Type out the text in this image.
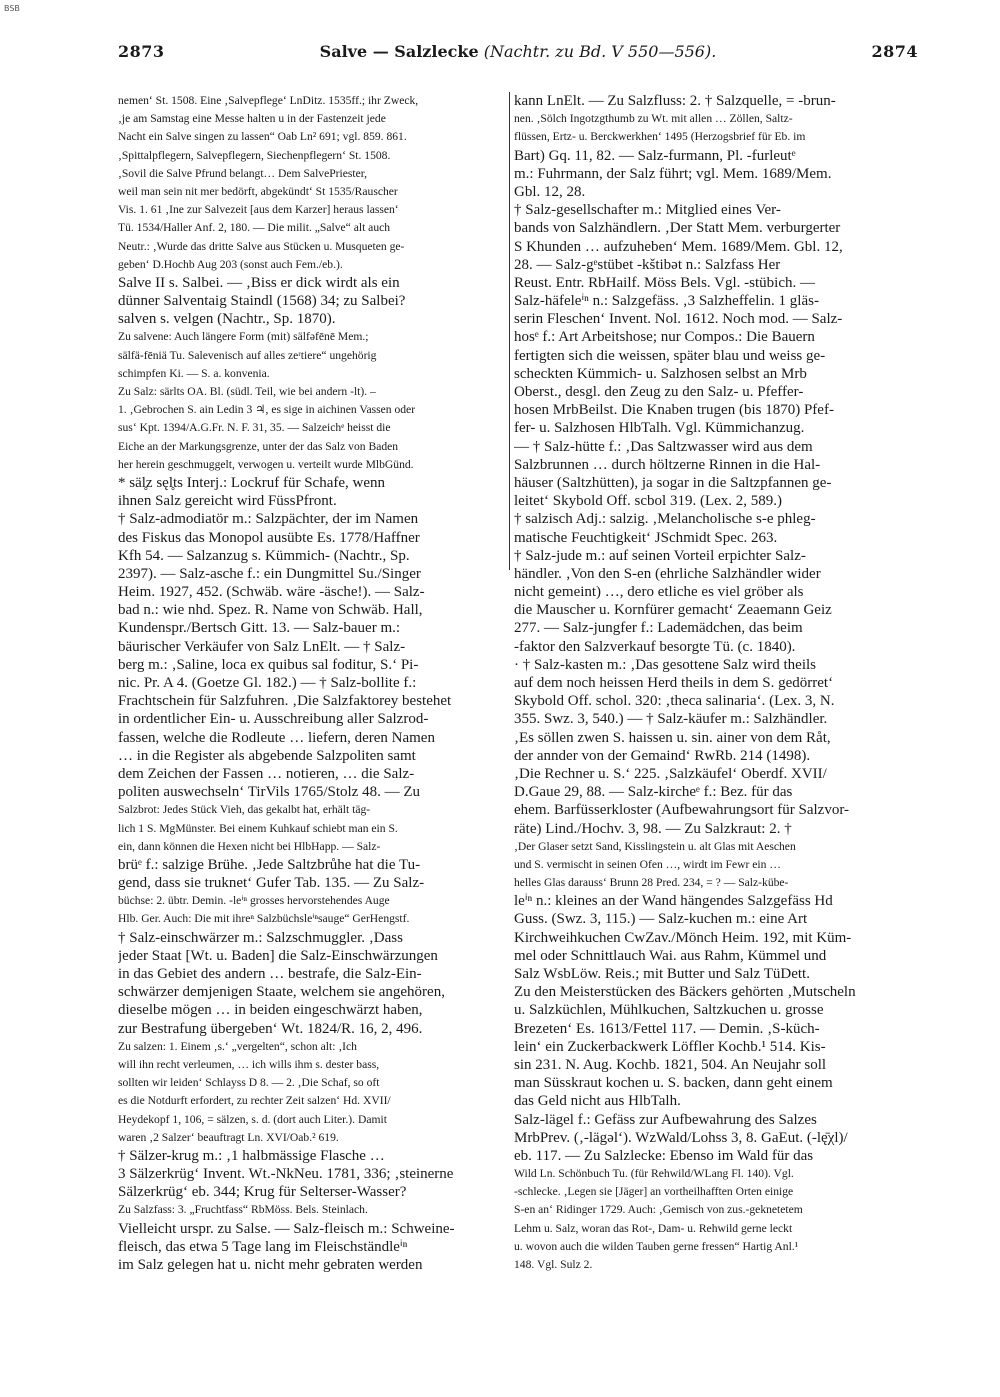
BSB
2873	Salve — Salzlecke (Nachtr. zu Bd. V 550—556).	2874
nemen‘ St. 1508. Eine ‚Salvepflege‘ LnDitz. 1535ff.; ihr Zweck,
‚je am Samstag eine Messe halten u in der Fastenzeit jede
Nacht ein Salve singen zu lassen“ Oab Ln² 691; vgl. 859. 861.
‚Spittalpflegern, Salvepflegern, Siechenpflegern‘ St. 1508.
‚Sovil die Salve Pfrund belangt… Dem SalvePriester,
weil man sein nit mer bedörft, abgekündt‘ St 1535/Rauscher
Vis. 1. 61 ‚Ine zur Salvezeit [aus dem Karzer] heraus lassen‘
Tü. 1534/Haller Anf. 2, 180. — Die milit. „Salve“ alt auch
Neutr.: ‚Wurde das dritte Salve aus Stücken u. Musqueten ge-
geben‘ D.Hochb Aug 203 (sonst auch Fem./eb.).
Salve II s. Salbei. — ‚Biss er dick wirdt als ein
dünner Salventaig Staindl (1568) 34; zu Salbei?
salven s. velgen (Nachtr., Sp. 1870).
Zu salvene: Auch längere Form (mit) sälfəfēnē Mem.;
sälfä-fēniä Tu. Salevenisch auf alles zeʳtiere“ ungehörig
schimpfen Ki. — S. a. konvenia.
Zu Salz: särlts OA. Bl. (südl. Teil, wie bei andern -lt). –
1. ‚Gebrochen S. ain Ledin 3 ♃, es sige in aichinen Vassen oder
sus‘ Kpt. 1394/A.G.Fr. N. F. 31, 35. — Salzeichᵉ heisst die
Eiche an der Markungsgrenze, unter der das Salz von Baden
her herein geschmuggelt, verwogen u. verteilt wurde MlbGünd.
* säl̥z sęl̥ts Interj.: Lockruf für Schafe, wenn
ihnen Salz gereicht wird FüssPfront.
† Salz-admodiatör m.: Salzpächter, der im Namen
des Fiskus das Monopol ausübte Es. 1778/Haffner
Kfh 54. — Salzanzug s. Kümmich- (Nachtr., Sp.
2397). — Salz-asche f.: ein Dungmittel Su./Singer
Heim. 1927, 452. (Schwäb. wäre -äsche!). — Salz-
bad n.: wie nhd. Spez. R. Name von Schwäb. Hall,
Kundenspr./Bertsch Gitt. 13. — Salz-bauer m.:
bäurischer Verkäufer von Salz LnElt. — † Salz-
berg m.: ‚Saline, loca ex quibus sal foditur, S.‘ Pi-
nic. Pr. A 4. (Goetze Gl. 182.) — † Salz-bollite f.:
Frachtschein für Salzfuhren. ‚Die Salzfaktorey bestehet
in ordentlicher Ein- u. Ausschreibung aller Salzrod-
fassen, welche die Rodleute … liefern, deren Namen
… in die Register als abgebende Salzpoliten samt
dem Zeichen der Fassen … notieren, … die Salz-
politen auswechseln‘ TirVils 1765/Stolz 48. — Zu
Salzbrot: Jedes Stück Vieh, das gekalbt hat, erhält täg-
lich 1 S. MgMünster. Bei einem Kuhkauf schiebt man ein S.
ein, dann können die Hexen nicht bei HlbHapp. — Salz-
brüᵉ f.: salzige Brühe. ‚Jede Saltzbrůhe hat die Tu-
gend, dass sie truknet‘ Gufer Tab. 135. — Zu Salz-
büchse: 2. übtr. Demin. -leⁱⁿ grosses hervorstehendes Auge
Hlb. Ger. Auch: Die mit ihreⁿ Salzbüchsleⁱⁿsauge“ GerHengstf.
† Salz-einschwärzer m.: Salzschmuggler. ‚Dass
jeder Staat [Wt. u. Baden] die Salz-Einschwärzungen
in das Gebiet des andern … bestrafe, die Salz-Ein-
schwärzer demjenigen Staate, welchem sie angehören,
dieselbe mögen … in beiden eingeschwärzt haben,
zur Bestrafung übergeben‘ Wt. 1824/R. 16, 2, 496.
Zu salzen: 1. Einem ‚s.‘ „vergelten“, schon alt: ‚Ich
will ihn recht verleumen, … ich wills ihm s. dester bass,
sollten wir leiden‘ Schlayss D 8. — 2. ‚Die Schaf, so oft
es die Notdurft erfordert, zu rechter Zeit salzen‘ Hd. XVII/
Heydekopf 1, 106, = sälzen, s. d. (dort auch Liter.). Damit
waren ‚2 Salzer‘ beauftragt Ln. XVI/Oab.² 619.
† Sälzer-krug m.: ‚1 halbmässige Flasche …
3 Sälzerkrüg‘ Invent. Wt.-NkNeu. 1781, 336; ‚steinerne
Sälzerkrüg‘ eb. 344; Krug für Selterser-Wasser?
Zu Salzfass: 3. „Fruchtfass“ RbMöss. Bels. Steinlach.
Vielleicht urspr. zu Salse. — Salz-fleisch m.: Schweine-
fleisch, das etwa 5 Tage lang im Fleischständleⁱⁿ
im Salz gelegen hat u. nicht mehr gebraten werden
kann LnElt. — Zu Salzfluss: 2. † Salzquelle, = -brun-
nen. ‚Sölch Ingotzgthumb zu Wt. mit allen … Zöllen, Saltz-
flüssen, Ertz- u. Berckwerkhen‘ 1495 (Herzogsbrief für Eb. im
Bart) Gq. 11, 82. — Salz-furmann, Pl. -furleutᵉ
m.: Fuhrmann, der Salz führt; vgl. Mem. 1689/Mem.
Gbl. 12, 28.
† Salz-gesellschafter m.: Mitglied eines Ver-
bands von Salzhändlern. ‚Der Statt Mem. verburgerter
S Khunden … aufzuheben‘ Mem. 1689/Mem. Gbl. 12,
28. — Salz-gᵉstübet -kštibət n.: Salzfass Her
Reust. Entr. RbHailf. Möss Bels. Vgl. -stübich. —
Salz-häfeleⁱⁿ n.: Salzgefäss. ‚3 Salzheffelin. 1 gläs-
serin Fleschen‘ Invent. Nol. 1612. Noch mod. — Salz-
hosᵉ f.: Art Arbeitshose; nur Compos.: Die Bauern
fertigten sich die weissen, später blau und weiss ge-
scheckten Kümmich- u. Salzhosen selbst an Mrb
Oberst., desgl. den Zeug zu den Salz- u. Pfeffer-
hosen MrbBeilst. Die Knaben trugen (bis 1870) Pfef-
fer- u. Salzhosen HlbTalh. Vgl. Kümmichanzug.
— † Salz-hütte f.: ‚Das Saltzwasser wird aus dem
Salzbrunnen … durch höltzerne Rinnen in die Hal-
häuser (Saltzhütten), ja sogar in die Saltzpfannen ge-
leitet‘ Skybold Off. scbol 319. (Lex. 2, 589.)
† salzisch Adj.: salzig. ‚Melancholische s-e phleg-
matische Feuchtigkeit‘ JSchmidt Spec. 263.
† Salz-jude m.: auf seinen Vorteil erpichter Salz-
händler. ‚Von den S-en (ehrliche Salzhändler wider
nicht gemeint) …, dero etliche es viel gröber als
die Mauscher u. Kornfürer gemacht‘ Zeaemann Geiz
277. — Salz-jungfer f.: Lademädchen, das beim
-faktor den Salzverkauf besorgte Tü. (c. 1840).
· † Salz-kasten m.: ‚Das gesottene Salz wird theils
auf dem noch heissen Herd theils in dem S. gedörret‘
Skybold Off. schol. 320: ‚theca salinaria‘. (Lex. 3, N.
355. Swz. 3, 540.) — † Salz-käufer m.: Salzhändler.
‚Es söllen zwen S. haissen u. sin. ainer von dem Råt,
der annder von der Gemaind‘ RwRb. 214 (1498).
‚Die Rechner u. S.‘ 225. ‚Salzkäufel‘ Oberdf. XVII/
D.Gaue 29, 88. — Salz-kircheᵉ f.: Bez. für das
ehem. Barfüsserkloster (Aufbewahrungsort für Salzvor-
räte) Lind./Hochv. 3, 98. — Zu Salzkraut: 2. †
‚Der Glaser setzt Sand, Kisslingstein u. alt Glas mit Aeschen
und S. vermischt in seinen Ofen …, wirdt im Fewr ein …
helles Glas darauss‘ Brunn 28 Pred. 234, = ? — Salz-kübe-
leⁱⁿ n.: kleines an der Wand hängendes Salzgefäss Hd
Guss. (Swz. 3, 115.) — Salz-kuchen m.: eine Art
Kirchweihkuchen CwZav./Mönch Heim. 192, mit Küm-
mel oder Schnittlauch Wai. aus Rahm, Kümmel und
Salz WsbLöw. Reis.; mit Butter und Salz TüDett.
Zu den Meisterstücken des Bäckers gehörten ‚Mutscheln
u. Salzküchlen, Mühlkuchen, Saltzkuchen u. grosse
Brezeten‘ Es. 1613/Fettel 117. — Demin. ‚S-küch-
lein‘ ein Zuckerbackwerk Löffler Kochb.¹ 514. Kis-
sin 231. N. Aug. Kochb. 1821, 504. An Neujahr soll
man Süsskraut kochen u. S. backen, dann geht einem
das Geld nicht aus HlbTalh.
Salz-lägel f.: Gefäss zur Aufbewahrung des Salzes
MrbPrev. (‚-lägəl‘). WzWald/Lohss 3, 8. GaEut. (-lę̄χl)/
eb. 117. — Zu Salzlecke: Ebenso im Wald für das
Wild Ln. Schönbuch Tu. (für Rehwild/WLang Fl. 140). Vgl.
-schlecke. ‚Legen sie [Jäger] an vortheilhafften Orten einige
S-en an‘ Ridinger 1729. Auch: ‚Gemisch von zus.-geknetetem
Lehm u. Salz, woran das Rot-, Dam- u. Rehwild gerne leckt
u. wovon auch die wilden Tauben gerne fressen“ Hartig Anl.¹
148. Vgl. Sulz 2.
